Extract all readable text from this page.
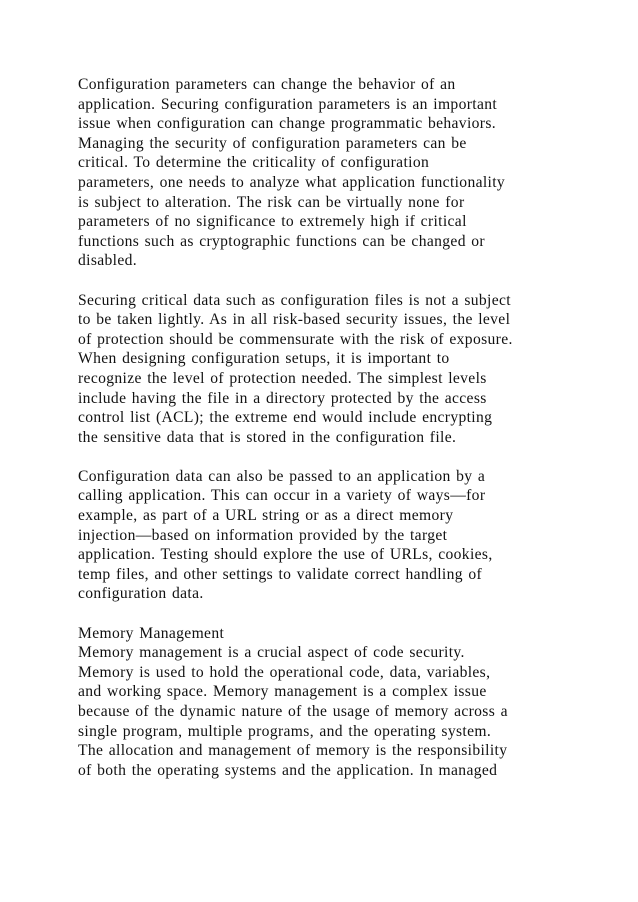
Configuration parameters can change the behavior of an
application. Securing configuration parameters is an important
issue when configuration can change programmatic behaviors.
Managing the security of configuration parameters can be
critical. To determine the criticality of configuration
parameters, one needs to analyze what application functionality
is subject to alteration. The risk can be virtually none for
parameters of no significance to extremely high if critical
functions such as cryptographic functions can be changed or
disabled.

Securing critical data such as configuration files is not a subject
to be taken lightly. As in all risk-based security issues, the level
of protection should be commensurate with the risk of exposure.
When designing configuration setups, it is important to
recognize the level of protection needed. The simplest levels
include having the file in a directory protected by the access
control list (ACL); the extreme end would include encrypting
the sensitive data that is stored in the configuration file.

Configuration data can also be passed to an application by a
calling application. This can occur in a variety of ways—for
example, as part of a URL string or as a direct memory
injection—based on information provided by the target
application. Testing should explore the use of URLs, cookies,
temp files, and other settings to validate correct handling of
configuration data.

Memory Management
Memory management is a crucial aspect of code security.
Memory is used to hold the operational code, data, variables,
and working space. Memory management is a complex issue
because of the dynamic nature of the usage of memory across a
single program, multiple programs, and the operating system.
The allocation and management of memory is the responsibility
of both the operating systems and the application. In managed
